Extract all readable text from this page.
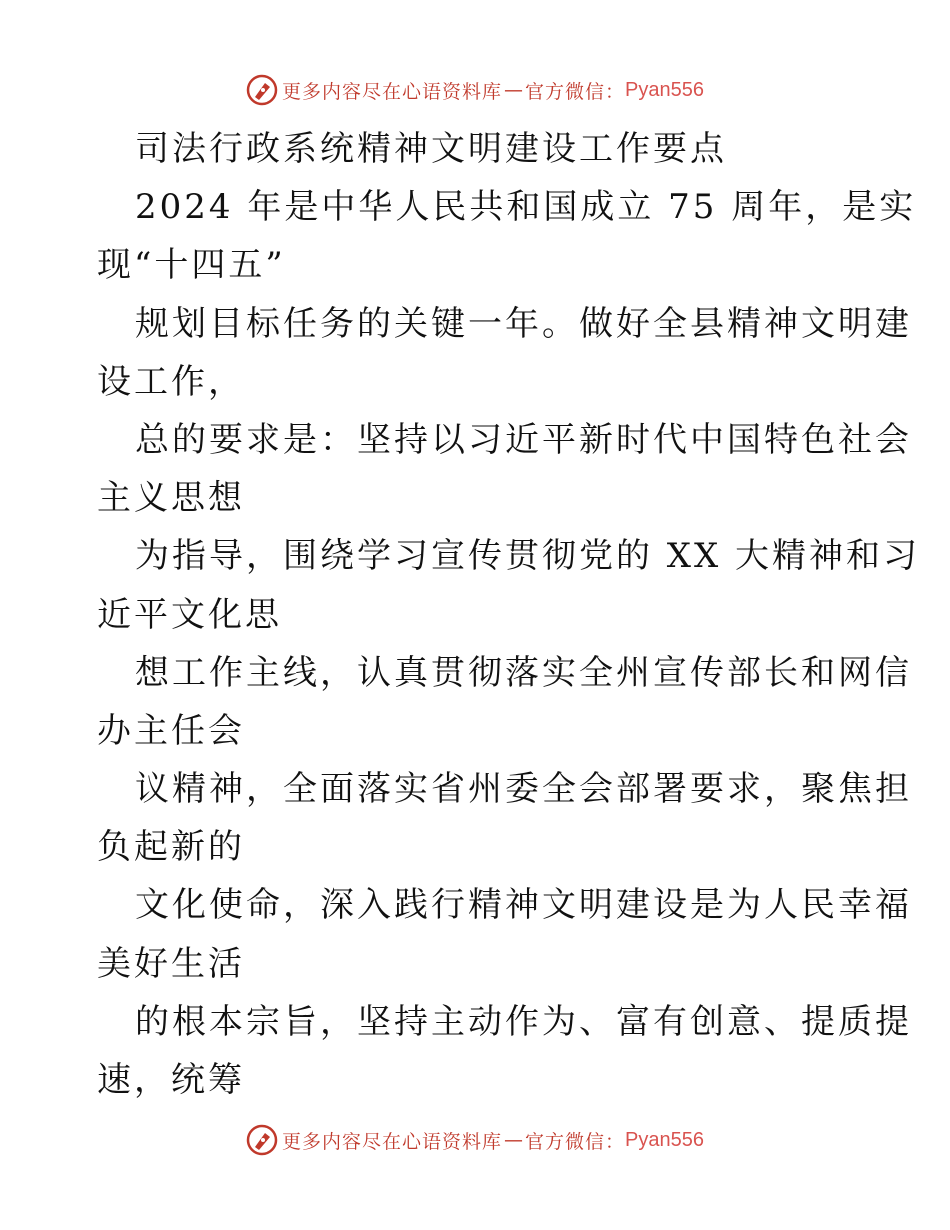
更多内容尽在心语资料库 — 官方微信： Pyan556
司法行政系统精神文明建设工作要点
2024 年是中华人民共和国成立 75 周年，是实
现“十四五”
规划目标任务的关键一年。做好全县精神文明建
设工作，
总的要求是：坚持以习近平新时代中国特色社会
主义思想
为指导，围绕学习宣传贯彻党的 XX 大精神和习
近平文化思
想工作主线，认真贯彻落实全州宣传部长和网信
办主任会
议精神，全面落实省州委全会部署要求，聚焦担
负起新的
文化使命，深入践行精神文明建设是为人民幸福
美好生活
的根本宗旨，坚持主动作为、富有创意、提质提
速，统筹
更多内容尽在心语资料库 — 官方微信： Pyan556
